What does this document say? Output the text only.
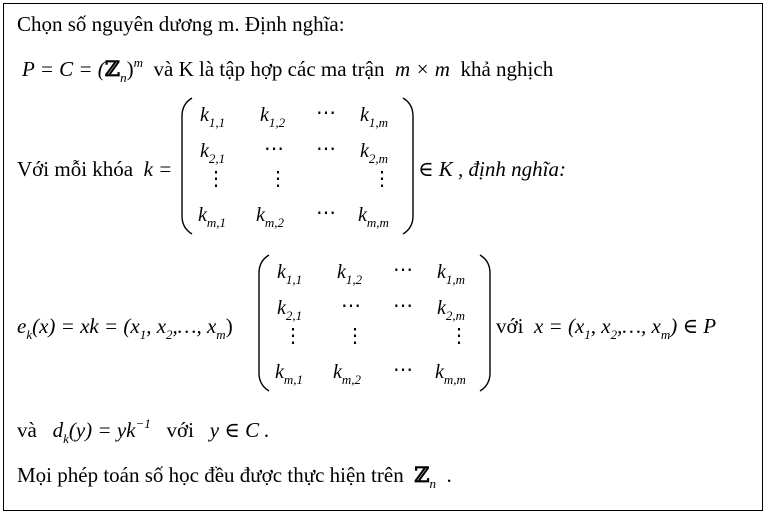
Chọn số nguyên dương m. Định nghĩa:
P = C = (ℤ$_n$)$^m$ và K là tập hợp các ma trận m × m khả nghịch
Với mỗi khóa k =
$k_{1,1}$ $k_{1,2}$ ⋯ $k_{1,m}$
$k_{2,1}$ ⋯ ⋯ $k_{2,m}$
⋮ ⋮	⋮
$k_{m,1}$ $k_{m,2}$ ⋯ $k_{m,m}$
∈ K , định nghĩa:
$e_k(x)$ = xk = ($x_1$, $x_2,\dots$, $x_m$)
$k_{1,1}$ $k_{1,2}$ ⋯ $k_{1,m}$
$k_{2,1}$ ⋯ ⋯ $k_{2,m}$
⋮ ⋮	⋮
$k_{m,1}$ $k_{m,2}$ ⋯ $k_{m,m}$
với $x = (x_1$, $x_2,\dots$, $x_m$) ∈ P
và $d_k(y) = yk^{-1}$ với y ∈ C .
Mọi phép toán số học đều được thực hiện trên ℤ$_n$ .
